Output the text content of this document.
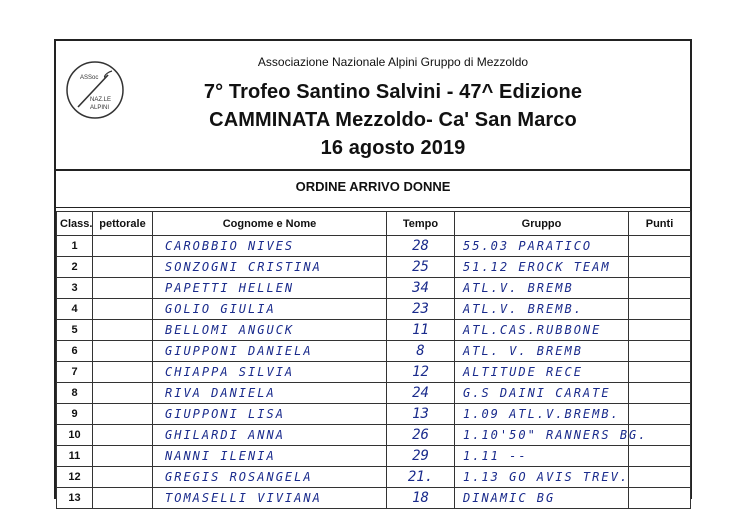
ASSoc
NAZ.LE
ALPINI
Associazione Nazionale Alpini Gruppo di Mezzoldo
7° Trofeo Santino Salvini - 47^ Edizione
CAMMINATA Mezzoldo- Ca' San Marco
16 agosto 2019
ORDINE ARRIVO DONNE
Class.	pettorale	Cognome e Nome	Tempo	Gruppo	Punti
1		CAROBBIO NIVES	28	55.03 PARATICO	
2		SONZOGNI CRISTINA	25	51.12 EROCK TEAM	
3		PAPETTI HELLEN	34	ATL.V. BREMB	
4		GOLIO GIULIA	23	ATL.V. BREMB.	
5		BELLOMI ANGUCK	11	ATL.CAS.RUBBONE	
6		GIUPPONI DANIELA	8	ATL. V. BREMB	
7		CHIAPPA SILVIA	12	ALTITUDE RECE	
8		RIVA DANIELA	24	G.S DAINI CARATE	
9		GIUPPONI LISA	13	1.09 ATL.V.BREMB.	
10		GHILARDI ANNA	26	1.10'50" RANNERS BG.	
11		NANNI ILENIA	29	1.11 --	
12		GREGIS ROSANGELA	21.	1.13 GO AVIS TREV.	
13		TOMASELLI VIVIANA	18	DINAMIC BG	
